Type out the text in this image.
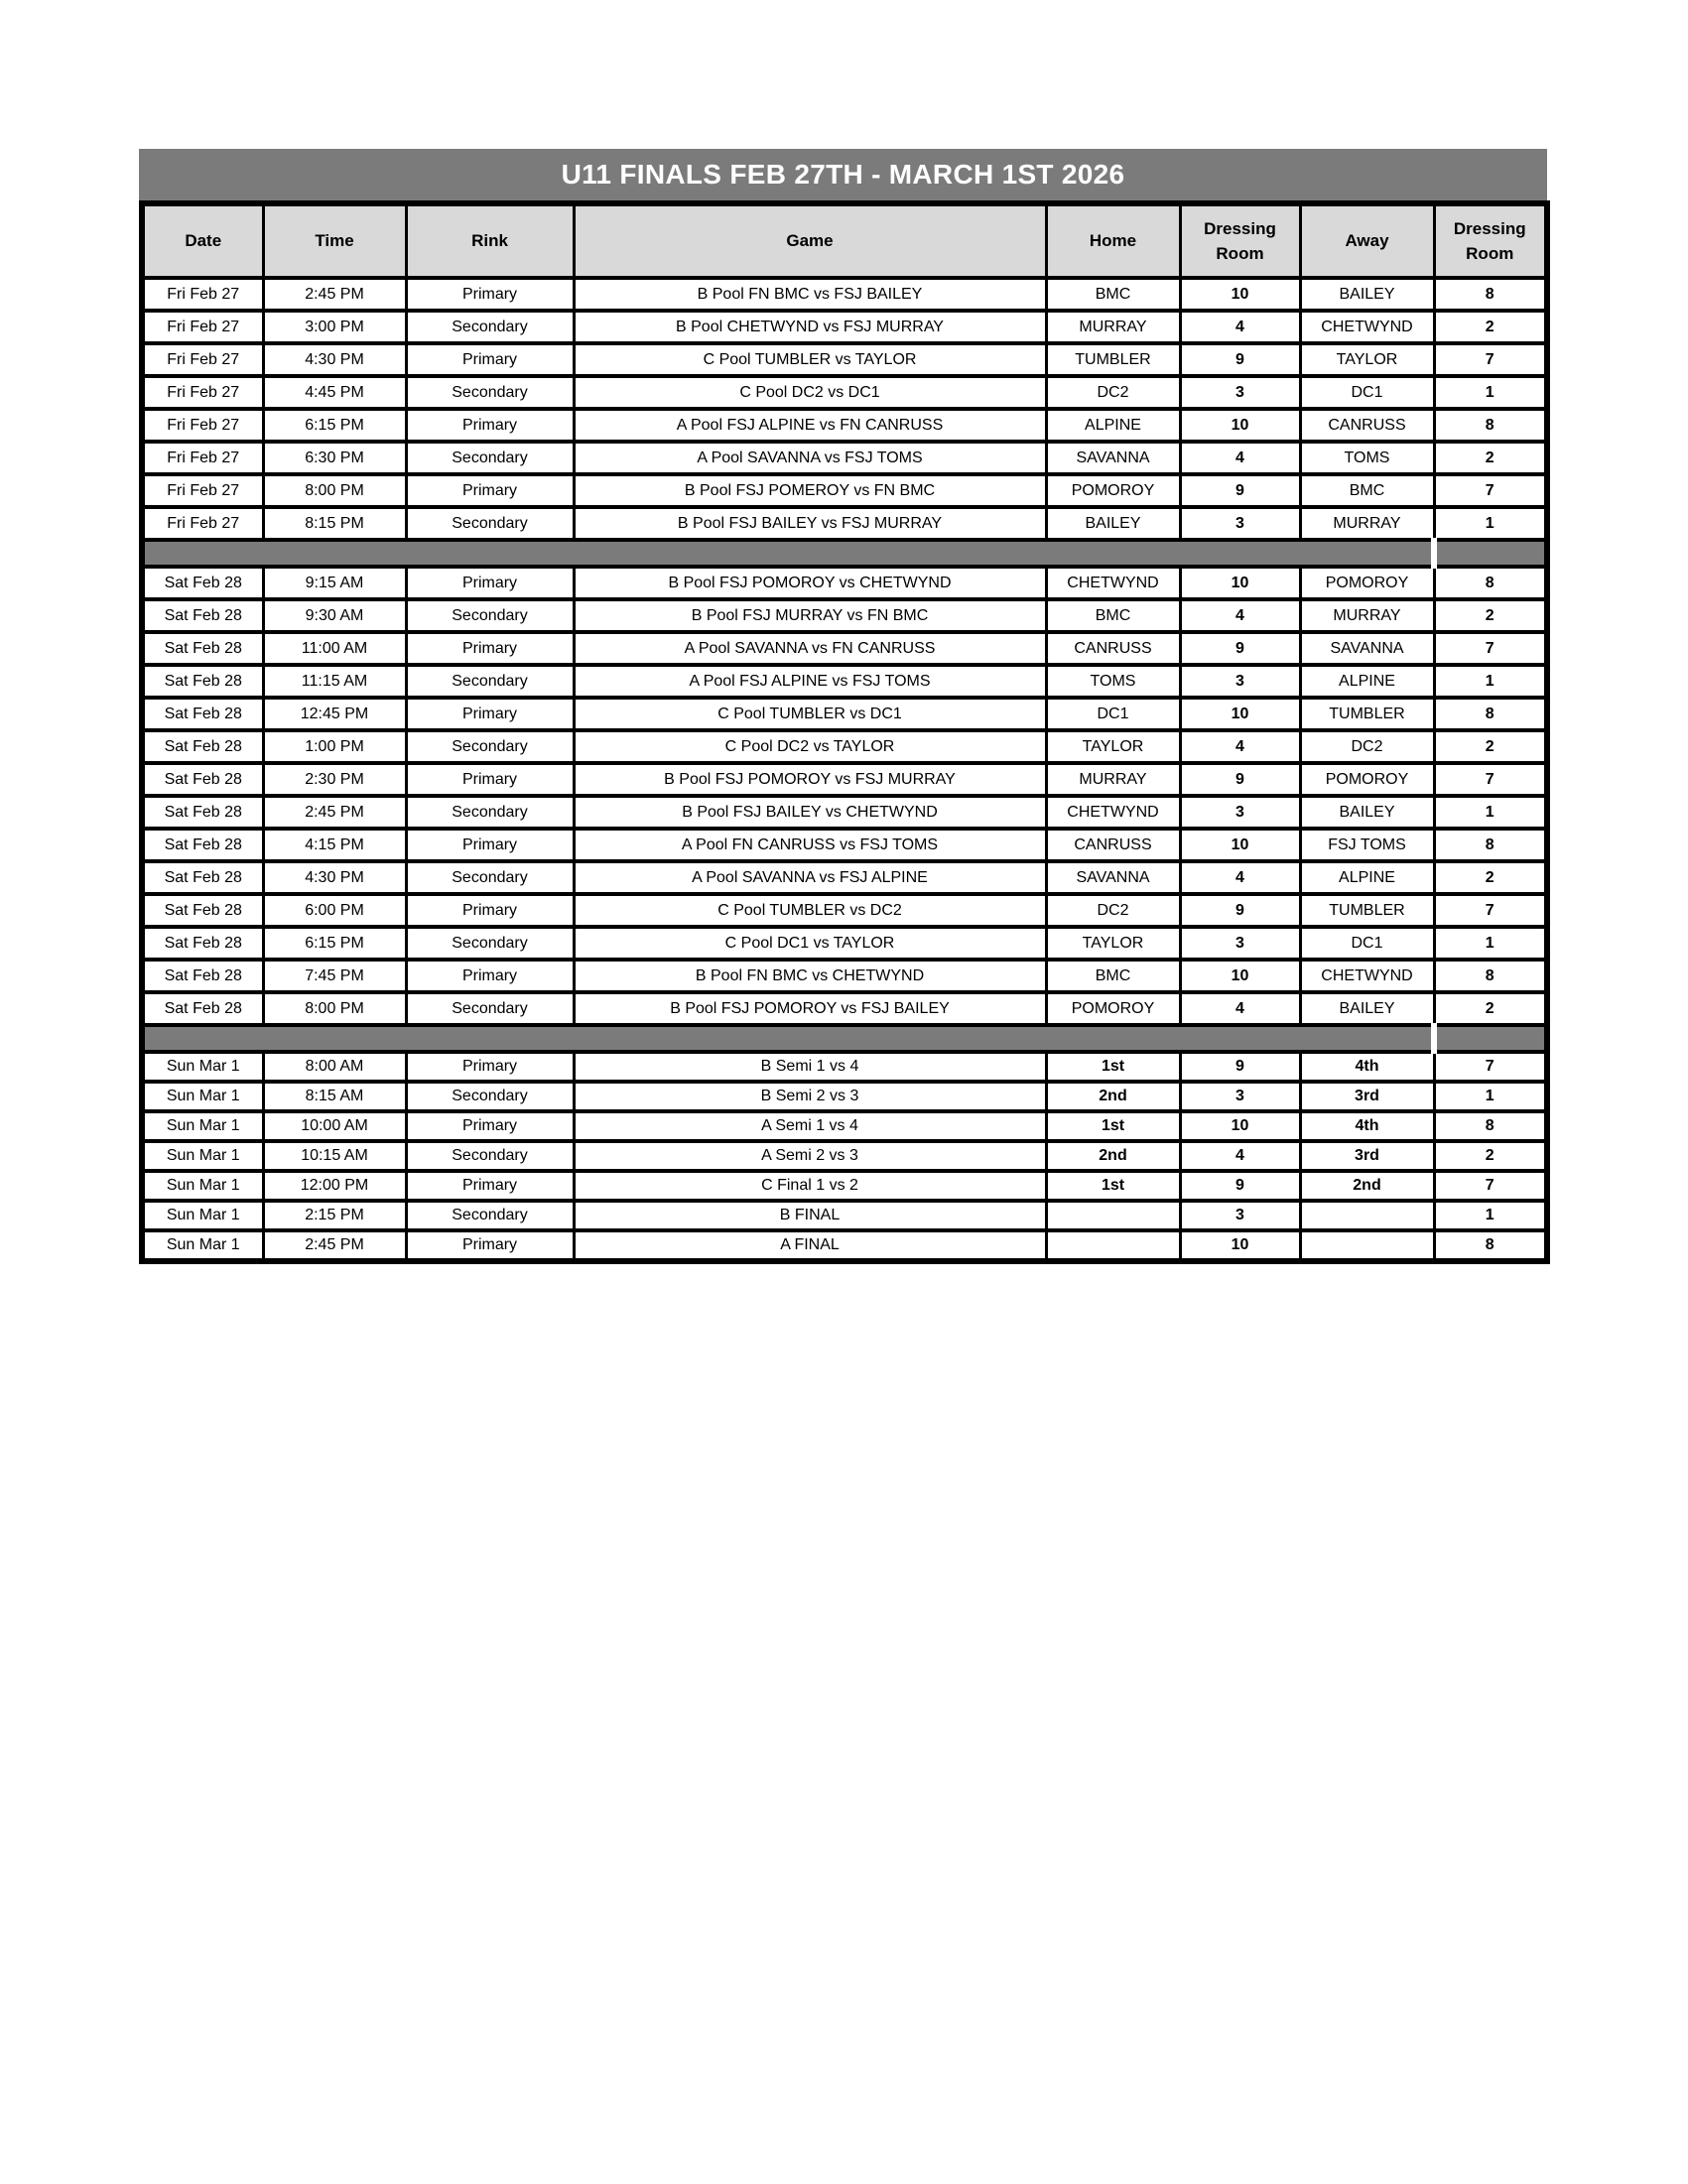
U11 FINALS FEB 27TH - MARCH 1ST 2026
Date	Time	Rink	Game	Home	Dressing Room	Away	Dressing Room
Fri Feb 27	2:45 PM	Primary	B Pool FN BMC vs FSJ BAILEY	BMC	10	BAILEY	8
Fri Feb 27	3:00 PM	Secondary	B Pool CHETWYND vs FSJ MURRAY	MURRAY	4	CHETWYND	2
Fri Feb 27	4:30 PM	Primary	C Pool TUMBLER vs TAYLOR	TUMBLER	9	TAYLOR	7
Fri Feb 27	4:45 PM	Secondary	C Pool DC2 vs DC1	DC2	3	DC1	1
Fri Feb 27	6:15 PM	Primary	A Pool FSJ ALPINE vs FN CANRUSS	ALPINE	10	CANRUSS	8
Fri Feb 27	6:30 PM	Secondary	A Pool SAVANNA vs FSJ TOMS	SAVANNA	4	TOMS	2
Fri Feb 27	8:00 PM	Primary	B Pool FSJ POMEROY vs FN BMC	POMOROY	9	BMC	7
Fri Feb 27	8:15 PM	Secondary	B Pool FSJ BAILEY vs FSJ MURRAY	BAILEY	3	MURRAY	1

Sat Feb 28	9:15 AM	Primary	B Pool FSJ POMOROY vs CHETWYND	CHETWYND	10	POMOROY	8
Sat Feb 28	9:30 AM	Secondary	B Pool FSJ MURRAY vs FN BMC	BMC	4	MURRAY	2
Sat Feb 28	11:00 AM	Primary	A Pool SAVANNA vs FN CANRUSS	CANRUSS	9	SAVANNA	7
Sat Feb 28	11:15 AM	Secondary	A Pool FSJ ALPINE vs FSJ TOMS	TOMS	3	ALPINE	1
Sat Feb 28	12:45 PM	Primary	C Pool TUMBLER vs DC1	DC1	10	TUMBLER	8
Sat Feb 28	1:00 PM	Secondary	C Pool DC2 vs TAYLOR	TAYLOR	4	DC2	2
Sat Feb 28	2:30 PM	Primary	B Pool FSJ POMOROY vs FSJ MURRAY	MURRAY	9	POMOROY	7
Sat Feb 28	2:45 PM	Secondary	B Pool FSJ BAILEY vs CHETWYND	CHETWYND	3	BAILEY	1
Sat Feb 28	4:15 PM	Primary	A Pool FN CANRUSS vs FSJ TOMS	CANRUSS	10	FSJ TOMS	8
Sat Feb 28	4:30 PM	Secondary	A Pool SAVANNA vs FSJ ALPINE	SAVANNA	4	ALPINE	2
Sat Feb 28	6:00 PM	Primary	C Pool TUMBLER vs DC2	DC2	9	TUMBLER	7
Sat Feb 28	6:15 PM	Secondary	C Pool DC1 vs TAYLOR	TAYLOR	3	DC1	1
Sat Feb 28	7:45 PM	Primary	B Pool FN BMC vs CHETWYND	BMC	10	CHETWYND	8
Sat Feb 28	8:00 PM	Secondary	B Pool FSJ POMOROY vs FSJ BAILEY	POMOROY	4	BAILEY	2

Sun Mar 1	8:00 AM	Primary	B Semi 1 vs 4	1st	9	4th	7
Sun Mar 1	8:15 AM	Secondary	B Semi 2 vs 3	2nd	3	3rd	1
Sun Mar 1	10:00 AM	Primary	A Semi 1 vs 4	1st	10	4th	8
Sun Mar 1	10:15 AM	Secondary	A Semi 2 vs 3	2nd	4	3rd	2
Sun Mar 1	12:00 PM	Primary	C Final 1 vs 2	1st	9	2nd	7
Sun Mar 1	2:15 PM	Secondary	B FINAL		3		1
Sun Mar 1	2:45 PM	Primary	A FINAL		10		8
